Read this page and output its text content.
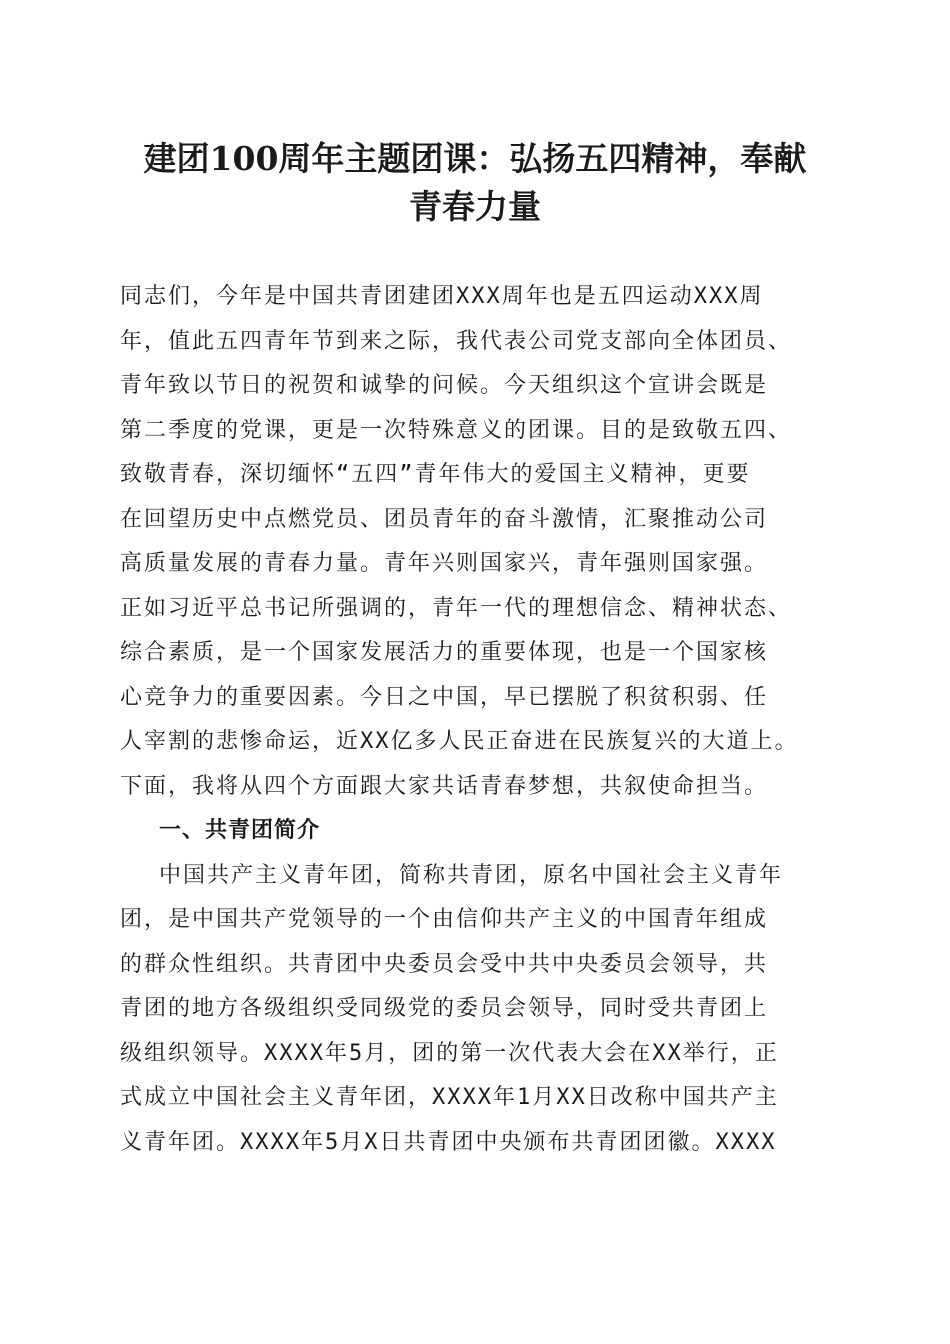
建团100周年主题团课：弘扬五四精神，奉献
青春力量

同志们，今年是中国共青团建团XXX周年也是五四运动XXX周

年，值此五四青年节到来之际，我代表公司党支部向全体团员、

青年致以节日的祝贺和诚挚的问候。今天组织这个宣讲会既是

第二季度的党课，更是一次特殊意义的团课。目的是致敬五四、

致敬青春，深切缅怀“五四”青年伟大的爱国主义精神，更要

在回望历史中点燃党员、团员青年的奋斗激情，汇聚推动公司

高质量发展的青春力量。青年兴则国家兴，青年强则国家强。

正如习近平总书记所强调的，青年一代的理想信念、精神状态、

综合素质，是一个国家发展活力的重要体现，也是一个国家核

心竞争力的重要因素。今日之中国，早已摆脱了积贫积弱、任

人宰割的悲惨命运，近XX亿多人民正奋进在民族复兴的大道上。

下面，我将从四个方面跟大家共话青春梦想，共叙使命担当。

一、共青团简介

中国共产主义青年团，简称共青团，原名中国社会主义青年

团，是中国共产党领导的一个由信仰共产主义的中国青年组成

的群众性组织。共青团中央委员会受中共中央委员会领导，共

青团的地方各级组织受同级党的委员会领导，同时受共青团上

级组织领导。XXXX年5月，团的第一次代表大会在XX举行，正

式成立中国社会主义青年团，XXXX年1月XX日改称中国共产主

义青年团。XXXX年5月X日共青团中央颁布共青团团徽。XXXX
